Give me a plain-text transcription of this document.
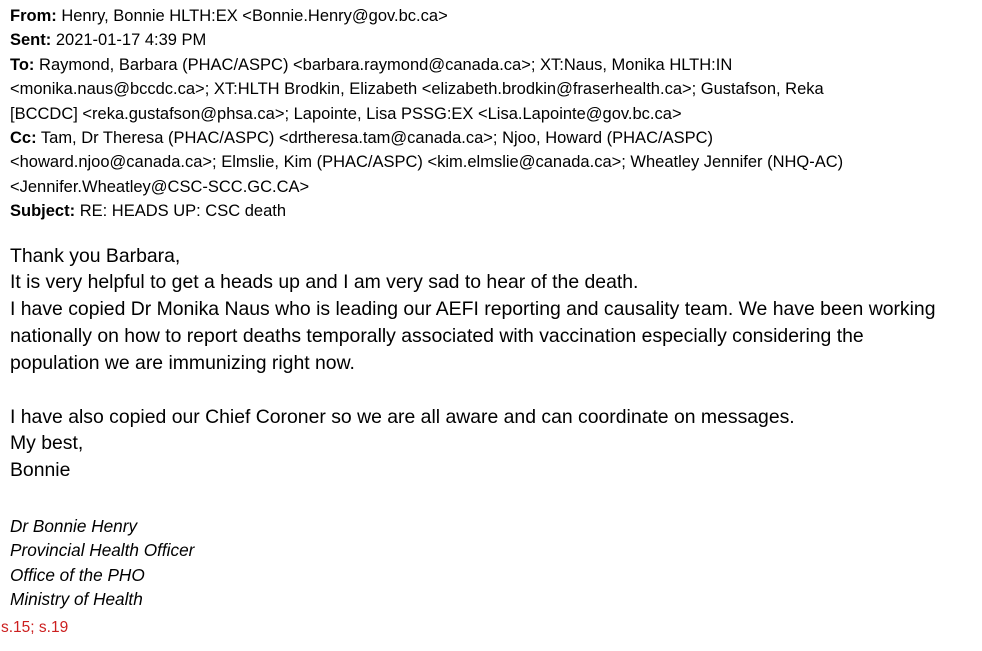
From: Henry, Bonnie HLTH:EX <Bonnie.Henry@gov.bc.ca>

Sent: 2021-01-17 4:39 PM

To: Raymond, Barbara (PHAC/ASPC) <barbara.raymond@canada.ca>; XT:Naus, Monika HLTH:IN

<monika.naus@bccdc.ca>; XT:HLTH Brodkin, Elizabeth <elizabeth.brodkin@fraserhealth.ca>; Gustafson, Reka

[BCCDC] <reka.gustafson@phsa.ca>; Lapointe, Lisa PSSG:EX <Lisa.Lapointe@gov.bc.ca>

Cc: Tam, Dr Theresa (PHAC/ASPC) <drtheresa.tam@canada.ca>; Njoo, Howard (PHAC/ASPC)

<howard.njoo@canada.ca>; Elmslie, Kim (PHAC/ASPC) <kim.elmslie@canada.ca>; Wheatley Jennifer (NHQ-AC)

<Jennifer.Wheatley@CSC-SCC.GC.CA>

Subject: RE: HEADS UP: CSC death

Thank you Barbara,

It is very helpful to get a heads up and I am very sad to hear of the death.

I have copied Dr Monika Naus who is leading our AEFI reporting and causality team. We have been working

nationally on how to report deaths temporally associated with vaccination especially considering the

population we are immunizing right now.

I have also copied our Chief Coroner so we are all aware and can coordinate on messages.

My best,

Bonnie

Dr Bonnie Henry

Provincial Health Officer

Office of the PHO

Ministry of Health

s.15; s.19
